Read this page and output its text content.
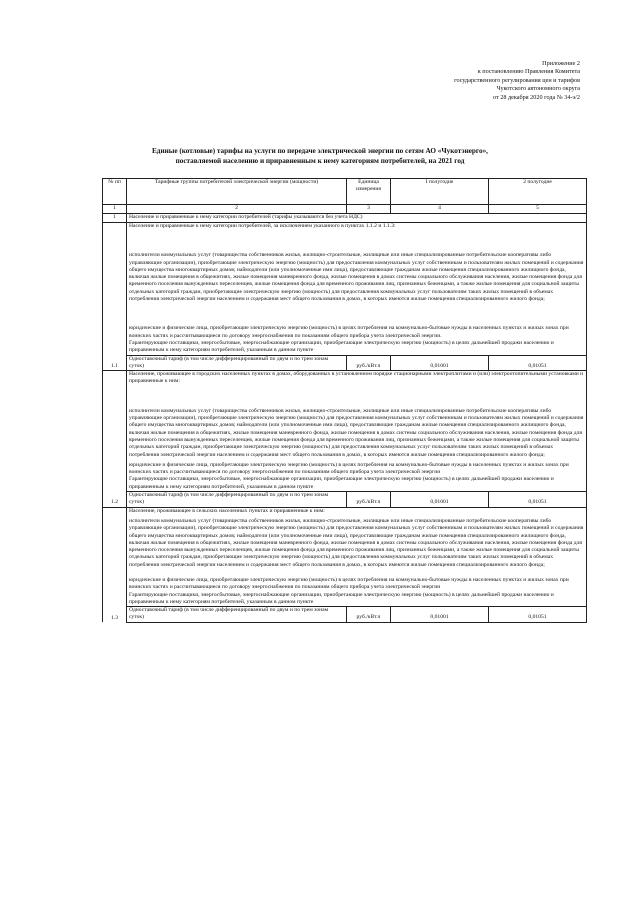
Приложение 2
к постановлению Правления Комитета
государственного регулирования цен и тарифов
Чукотского автономного округа
от 28 декабря 2020 года № 34-э/2
Единые (котловые) тарифы на услуги по передаче электрической энергии по сетям АО «Чукотэнерго»,
поставляемой населению и приравненным к нему категориям потребителей, на 2021 год
№ пп	Тарифные группы потребителей электрической энергии (мощности)	Единица измерения	I полугодие	2 полугодие
1	2	3	4	5
1	Население и приравненные к нему категории потребителей (тарифы указываются без учета НДС)			
1.1	Население и приравненные к нему категории потребителей, за исключением указанного в пунктах 1.1.2 и 1.1.3:

исполнители коммунальных услуг (товарищества собственников жилья, жилищно-строительные, жилищные или иные специализированные потребительские кооперативы либо управляющие организации), приобретающие электрическую энергию (мощность) для предоставления коммунальных услуг собственникам и пользователям жилых помещений и содержания общего имущества многоквартирных домов; наймодатели (или уполномоченные ими лица), предоставляющие гражданам жилые помещения специализированного жилищного фонда, включая жилые помещения в общежитиях, жилые помещения маневренного фонда, жилые помещения в домах системы социального обслуживания населения, жилые помещения фонда для временного поселения вынужденных переселенцев, жилые помещения фонда для временного проживания лиц, признанных беженцами, а также жилые помещения для социальной защиты отдельных категорий граждан, приобретающие электрическую энергию (мощность) для предоставления коммунальных услуг пользователям таких жилых помещений в объемах потребления электрической энергии населением и содержания мест общего пользования в домах, в которых имеются жилые помещения специализированного жилого фонда;

юридические и физические лица, приобретающие электрическую энергию (мощность) в целях потребления на коммунально-бытовые нужды в населенных пунктах и жилых зонах при воинских частях и рассчитывающиеся по договору энергоснабжения по показаниям общего прибора учета электрической энергии.

Гарантирующие поставщики, энергосбытовые, энергоснабжающие организации, приобретающие электрическую энергию (мощность) в целях дальнейшей продажи населению и приравненным к нему категориям потребителей, указанным в данном пункте			

	Одноставочный тариф (в том числе дифференцированный по двум и по трем зонам суток)	руб./кВт.ч	0,01001	0,01051
1.2	Население, проживающее в городских населенных пунктах в домах, оборудованных в установленном порядке стационарными электроплитами и (или) электроотопительными установками и приравненные к ним:

исполнители коммунальных услуг (товарищества собственников жилья, жилищно-строительные, жилищные или иные специализированные потребительские кооперативы либо управляющие организации), приобретающие электрическую энергию (мощность) для предоставления коммунальных услуг собственникам и пользователям жилых помещений и содержания общего имущества многоквартирных домов; наймодатели (или уполномоченные ими лица), предоставляющие гражданам жилые помещения специализированного жилищного фонда, включая жилые помещения в общежитиях, жилые помещения маневренного фонда, жилые помещения в домах системы социального обслуживания населения, жилые помещения фонда для временного поселения вынужденных переселенцев, жилые помещения фонда для временного проживания лиц, признанных беженцами, а также жилые помещения для социальной защиты отдельных категорий граждан, приобретающие электрическую энергию (мощность) для предоставления коммунальных услуг пользователям таких жилых помещений в объемах потребления электрической энергии населением и содержания мест общего пользования в домах, в которых имеются жилые помещения специализированного жилого фонда;

юридические и физические лица, приобретающие электрическую энергию (мощность) в целях потребления на коммунально-бытовые нужды в населенных пунктах и жилых зонах при воинских частях и рассчитывающиеся по договору энергоснабжения по показаниям общего прибора учета электрической энергии

Гарантирующие поставщики, энергосбытовые, энергоснабжающие организации, приобретающие электрическую энергию (мощность) в целях дальнейшей продажи населению и приравненным к нему категориям потребителей, указанным в данном пункте			

	Одноставочный тариф (в том числе дифференцированный по двум и по трем зонам суток)	руб./кВт.ч	0,01001	0,01051
1.3	Население, проживающее в сельских населенных пунктах и приравненные к ним:

исполнители коммунальных услуг (товарищества собственников жилья, жилищно-строительные, жилищные или иные специализированные потребительские кооперативы либо управляющие организации), приобретающие электрическую энергию (мощность) для предоставления коммунальных услуг собственникам и пользователям жилых помещений и содержания общего имущества многоквартирных домов; наймодатели (или уполномоченные ими лица), предоставляющие гражданам жилые помещения специализированного жилищного фонда, включая жилые помещения в общежитиях, жилые помещения маневренного фонда, жилые помещения в домах системы социального обслуживания населения, жилые помещения фонда для временного поселения вынужденных переселенцев, жилые помещения фонда для временного проживания лиц, признанных беженцами, а также жилые помещения для социальной защиты отдельных категорий граждан, приобретающие электрическую энергию (мощность) для предоставления коммунальных услуг пользователям таких жилых помещений в объемах потребления электрической энергии населением и содержания мест общего пользования в домах, в которых имеются жилые помещения специализированного жилого фонда;

юридические и физические лица, приобретающие электрическую энергию (мощность) в целях потребления на коммунально-бытовые нужды в населенных пунктах и жилых зонах при воинских частях и рассчитывающиеся по договору энергоснабжения по показаниям общего прибора учета электрической энергии

Гарантирующие поставщики, энергосбытовые, энергоснабжающие организации, приобретающие электрическую энергию (мощность) в целях дальнейшей продажи населению и приравненным к нему категориям потребителей, указанным в данном пункте			

	Одноставочный тариф (в том числе дифференцированный по двум и по трем зонам суток)	руб./кВт.ч	0,01001	0,01051
